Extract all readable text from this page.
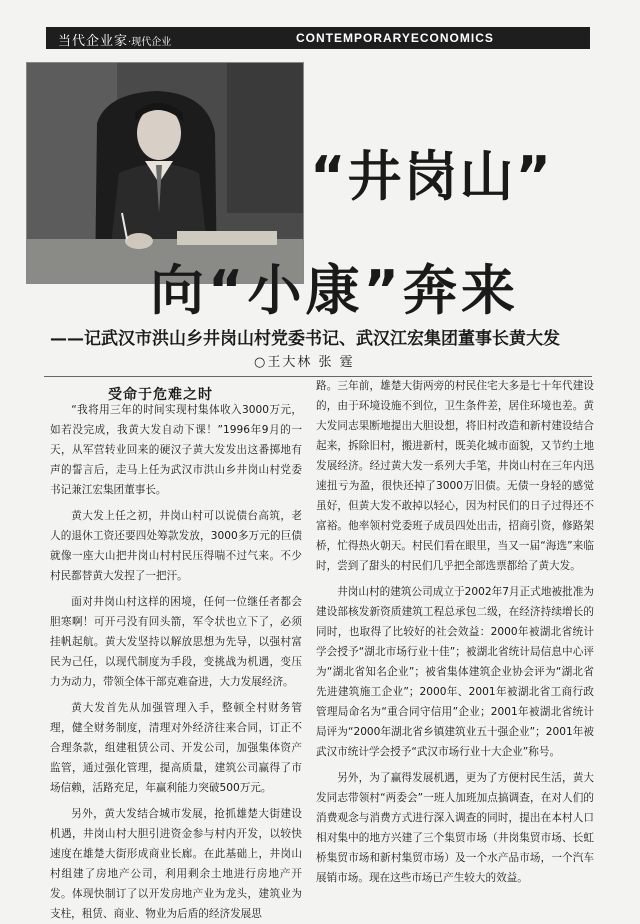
当代企业家·现代企业	CONTEMPORARYECONOMICS
“井岗山”
向“小康”奔来
——记武汉市洪山乡井岗山村党委书记、武汉江宏集团董事长黄大发
○王大林 张 霆
受命于危难之时

“我将用三年的时间实现村集体收入3000万元，如若没完成，我黄大发自动下课！”1996年9月的一天，从军营转业回来的硬汉子黄大发发出这番掷地有声的誓言后，走马上任为武汉市洪山乡井岗山村党委书记兼江宏集团董事长。

黄大发上任之初，井岗山村可以说债台高筑，老人的退休工资还要四处筹款发放，3000多万元的巨债就像一座大山把井岗山村村民压得喘不过气来。不少村民都替黄大发捏了一把汗。

面对井岗山村这样的困境，任何一位继任者都会胆寒啊！可开弓没有回头箭，军令状也立下了，必须挂帆起航。黄大发坚持以解放思想为先导，以强村富民为己任，以现代制度为手段，变挑战为机遇，变压力为动力，带领全体干部克难奋进，大力发展经济。

黄大发首先从加强管理入手，整顿全村财务管理，健全财务制度，清理对外经济往来合同，订正不合理条款，组建租赁公司、开发公司，加强集体资产监管，通过强化管理，提高质量，建筑公司赢得了市场信赖，活路充足，年赢利能力突破500万元。

另外，黄大发结合城市发展，抢抓雄楚大街建设机遇，井岗山村大胆引进资金参与村内开发，以较快速度在雄楚大街形成商业长廊。在此基础上，井岗山村组建了房地产公司，利用剩余土地进行房地产开发。体现快制订了以开发房地产业为龙头，建筑业为支柱，租赁、商业、物业为后盾的经济发展思

路。三年前，雄楚大街两旁的村民住宅大多是七十年代建设的，由于环境设施不到位，卫生条件差，居住环境也差。黄大发同志果断地提出大胆设想，将旧村改造和新村建设结合起来，拆除旧村，搬进新村，既美化城市面貌，又节约土地发展经济。经过黄大发一系列大手笔，井岗山村在三年内迅速扭亏为盈，很快还掉了3000万旧债。无债一身轻的感觉虽好，但黄大发不敢掉以轻心，因为村民们的日子过得还不富裕。他率领村党委班子成员四处出击，招商引资，修路架桥，忙得热火朝天。村民们看在眼里，当又一届“海选”来临时，尝到了甜头的村民们几乎把全部选票都给了黄大发。

井岗山村的建筑公司成立于2002年7月正式地被批准为建设部核发新资质建筑工程总承包二级，在经济持续增长的同时，也取得了比较好的社会效益：2000年被湖北省统计学会授予“湖北市场行业十佳”；被湖北省统计局信息中心评为“湖北省知名企业”；被省集体建筑企业协会评为“湖北省先进建筑施工企业”；2000年、2001年被湖北省工商行政管理局命名为“重合同守信用”企业；2001年被湖北省统计局评为“2000年湖北省乡镇建筑业五十强企业”；2001年被武汉市统计学会授予“武汉市场行业十大企业”称号。

另外，为了赢得发展机遇，更为了方便村民生活，黄大发同志带领村“两委会”一班人加班加点搞调查，在对人们的消费观念与消费方式进行深入调查的同时，提出在本村人口相对集中的地方兴建了三个集贸市场（井岗集贸市场、长虹桥集贸市场和新村集贸市场）及一个水产品市场，一个汽车展销市场。现在这些市场已产生较大的效益。
